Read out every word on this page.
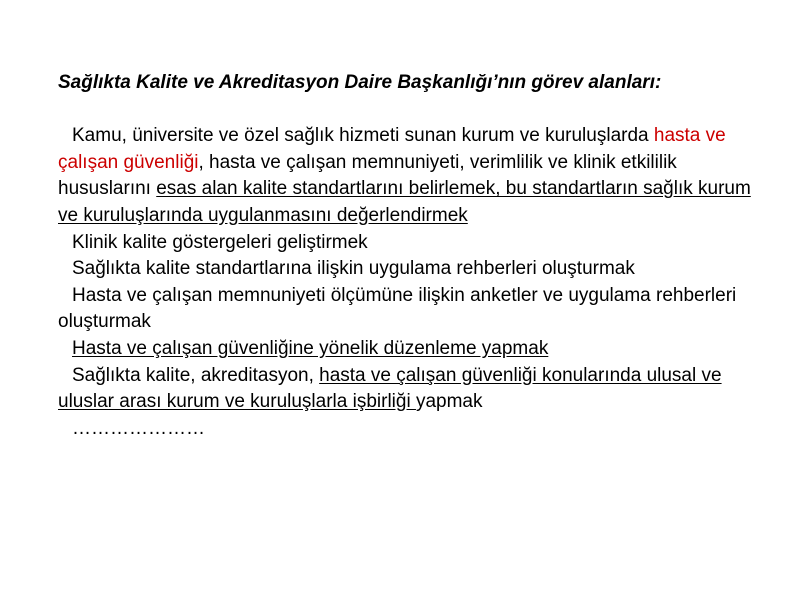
Sağlıkta Kalite ve Akreditasyon Daire Başkanlığı’nın görev alanları:
Kamu, üniversite ve özel sağlık hizmeti sunan kurum ve kuruluşlarda hasta ve çalışan güvenliği, hasta ve çalışan memnuniyeti, verimlilik ve klinik etkililik hususlarını esas alan kalite standartlarını belirlemek, bu standartların sağlık kurum ve kuruluşlarında uygulanmasını değerlendirmek
Klinik kalite göstergeleri geliştirmek
Sağlıkta kalite standartlarına ilişkin uygulama rehberleri oluşturmak
Hasta ve çalışan memnuniyeti ölçümüne ilişkin anketler ve uygulama rehberleri oluşturmak
Hasta ve çalışan güvenliğine yönelik düzenleme yapmak
Sağlıkta kalite, akreditasyon, hasta ve çalışan güvenliği konularında ulusal ve uluslar arası kurum ve kuruluşlarla işbirliği yapmak
…………………
